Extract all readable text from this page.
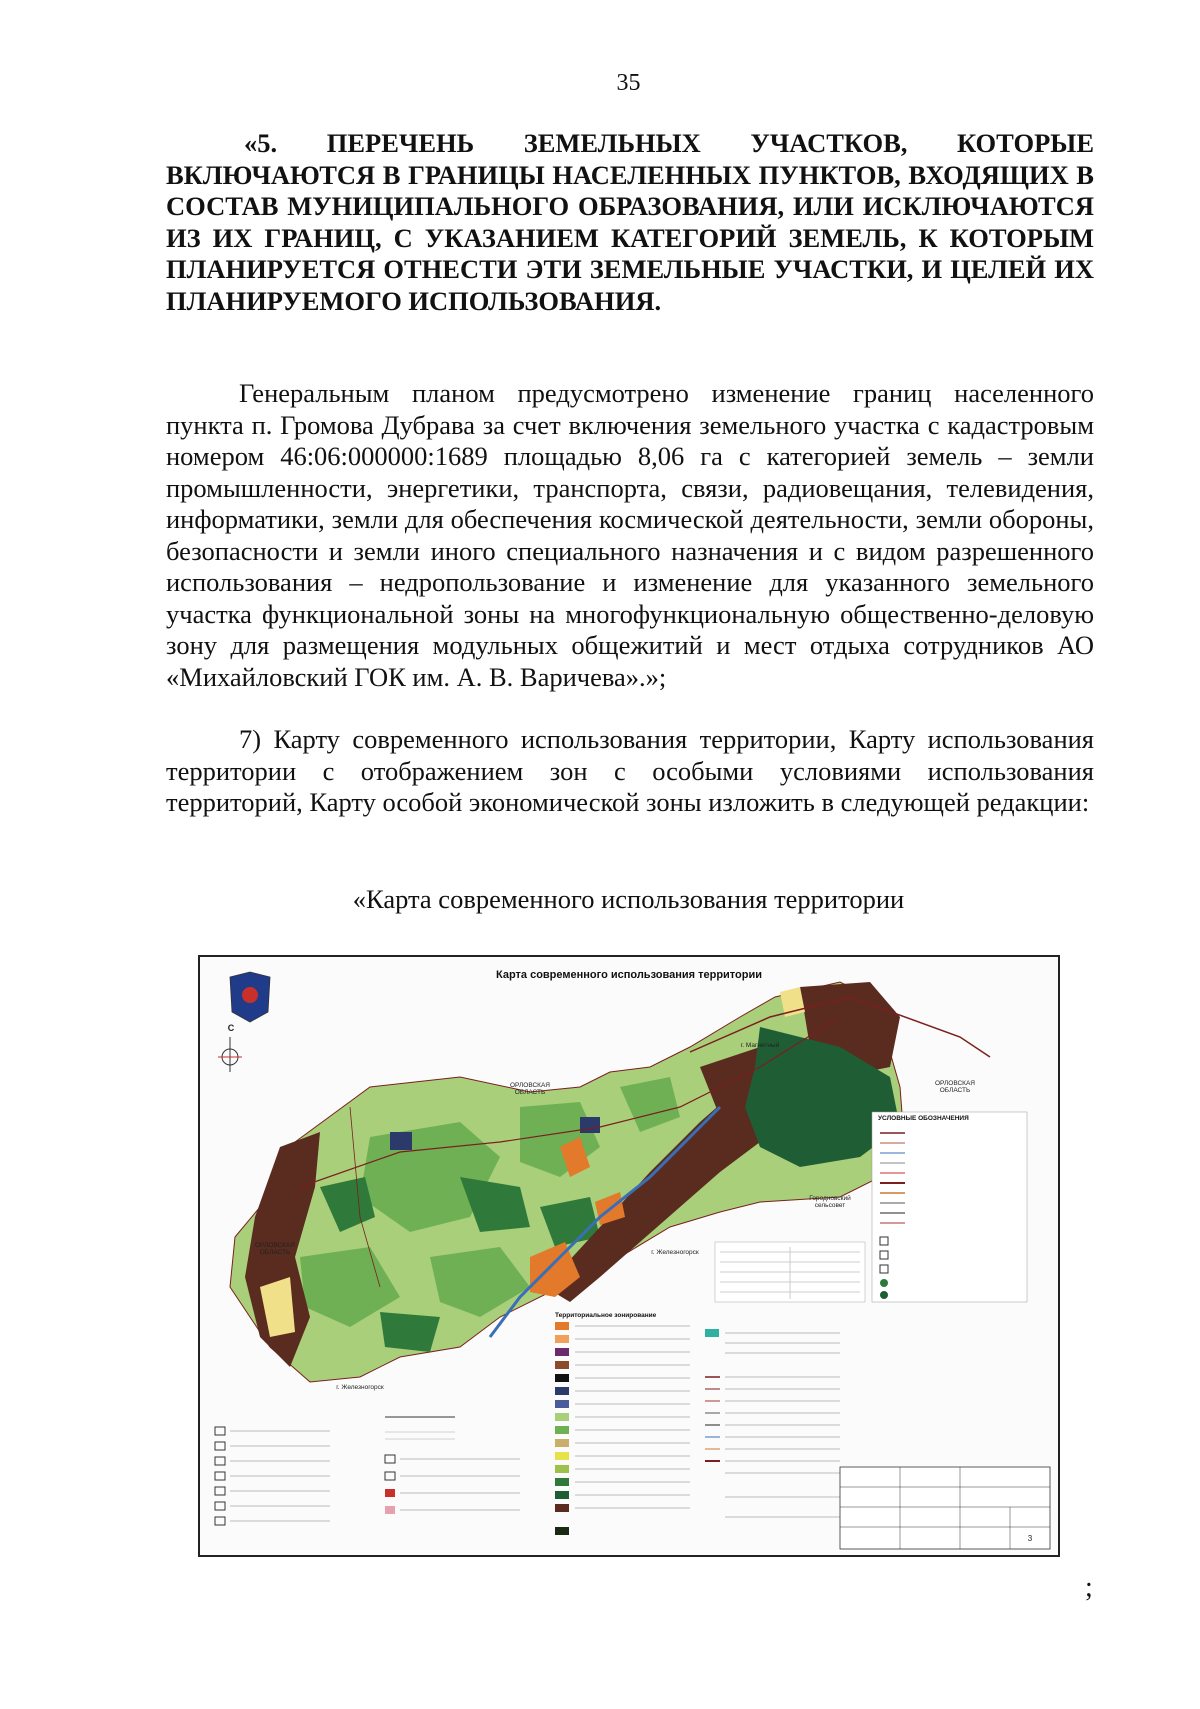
35

«5. ПЕРЕЧЕНЬ ЗЕМЕЛЬНЫХ УЧАСТКОВ, КОТОРЫЕ ВКЛЮЧАЮТСЯ В ГРАНИЦЫ НАСЕЛЕННЫХ ПУНКТОВ, ВХОДЯЩИХ В СОСТАВ МУНИЦИПАЛЬНОГО ОБРАЗОВАНИЯ, ИЛИ ИСКЛЮЧАЮТСЯ ИЗ ИХ ГРАНИЦ, С УКАЗАНИЕМ КАТЕГОРИЙ ЗЕМЕЛЬ, К КОТОРЫМ ПЛАНИРУЕТСЯ ОТНЕСТИ ЭТИ ЗЕМЕЛЬНЫЕ УЧАСТКИ, И ЦЕЛЕЙ ИХ ПЛАНИРУЕМОГО ИСПОЛЬЗОВАНИЯ.

Генеральным планом предусмотрено изменение границ населенного пункта п. Громова Дубрава за счет включения земельного участка с кадастровым номером 46:06:000000:1689 площадью 8,06 га с категорией земель – земли промышленности, энергетики, транспорта, связи, радиовещания, телевидения, информатики, земли для обеспечения космической деятельности, земли обороны, безопасности и земли иного специального назначения и с видом разрешенного использования – недропользование и изменение для указанного земельного участка функциональной зоны на многофункциональную общественно-деловую зону для размещения модульных общежитий и мест отдыха сотрудников АО «Михайловский ГОК им. А. В. Варичева».»;

7) Карту современного использования территории, Карту использования территории с отображением зон с особыми условиями использования территорий, Карту особой экономической зоны изложить в следующей редакции:

«Карта современного использования территории
Карта современного использования территории
С
ОРЛОВСКАЯ ОБЛАСТЬ
ОРЛОВСКАЯ ОБЛАСТЬ
ОРЛОВСКАЯ ОБЛАСТЬ
г. Магнетный
г. Железногорск
г. Железногорск
Городновский сельсовет
УСЛОВНЫЕ ОБОЗНАЧЕНИЯ
Территориальное зонирование
3
;
